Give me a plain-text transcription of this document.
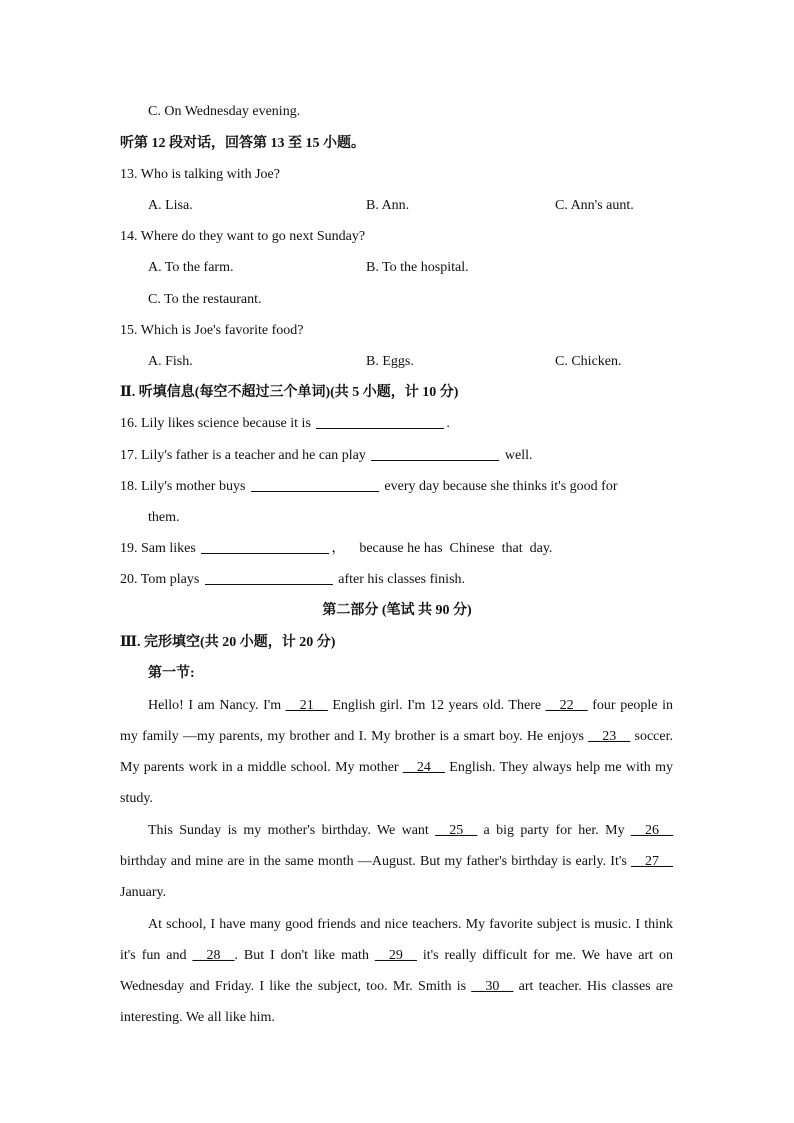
C. On Wednesday evening.
听第 12 段对话，回答第 13 至 15 小题。
13. Who is talking with Joe?
A. Lisa.	B. Ann.	C. Ann's aunt.
14. Where do they want to go next Sunday?
A. To the farm.	B. To the hospital.
C. To the restaurant.
15. Which is Joe's favorite food?
A. Fish.	B. Eggs.	C. Chicken.
Ⅱ. 听填信息(每空不超过三个单词)(共 5 小题，计 10 分)
16. Lily likes science because it is	.
17. Lily's father is a teacher and he can play	well.
18. Lily's mother buys	every day because she thinks it's good for
them.
19. Sam likes	，    because he has  Chinese  that  day.
20. Tom plays	after his classes finish.
第二部分 (笔试 共 90 分)
Ⅲ. 完形填空(共 20 小题，计 20 分)
第一节:
Hello! I am Nancy. I'm __21__ English girl. I'm 12 years old. There __22__ four people in my family —my parents, my brother and I. My brother is a smart boy. He enjoys __23__ soccer. My parents work in a middle school. My mother __24__ English. They always help me with my study.
This Sunday is my mother's birthday. We want __25__ a big party for her. My __26__ birthday and mine are in the same month —August. But my father's birthday is early. It's __27__ January.
At school, I have many good friends and nice teachers. My favorite subject is music. I think it's fun and __28__. But I don't like math __29__ it's really difficult for me. We have art on Wednesday and Friday. I like the subject, too. Mr. Smith is __30__ art teacher. His classes are interesting. We all like him.
